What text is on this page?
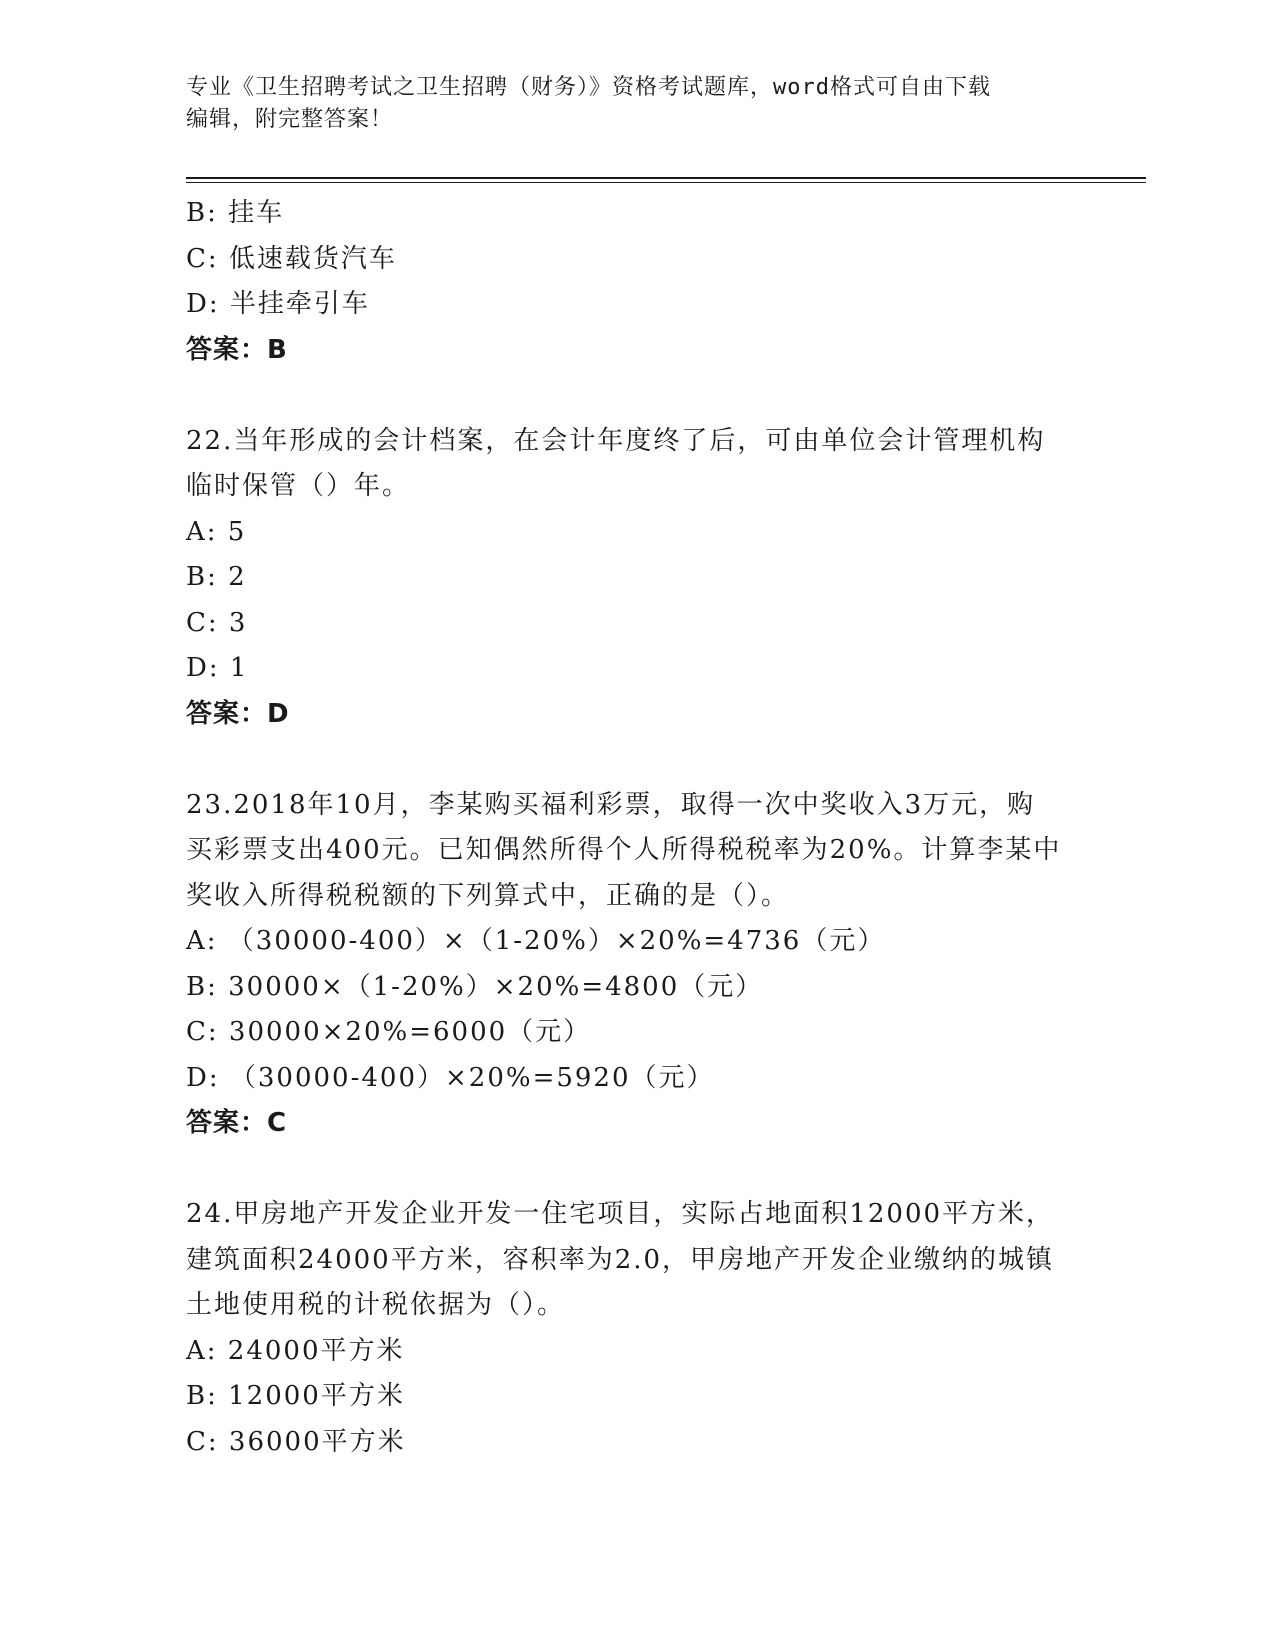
专业《卫生招聘考试之卫生招聘（财务）》资格考试题库，word格式可自由下载
编辑，附完整答案！
B: 挂车
C: 低速载货汽车
D: 半挂牵引车
答案：B
22.当年形成的会计档案，在会计年度终了后，可由单位会计管理机构
临时保管（）年。
A: 5
B: 2
C: 3
D: 1
答案：D
23.2018年10月，李某购买福利彩票，取得一次中奖收入3万元，购
买彩票支出400元。已知偶然所得个人所得税税率为20%。计算李某中
奖收入所得税税额的下列算式中，正确的是（）。
A: （30000-400）×（1-20%）×20%=4736（元）
B: 30000×（1-20%）×20%=4800（元）
C: 30000×20%=6000（元）
D: （30000-400）×20%=5920（元）
答案：C
24.甲房地产开发企业开发一住宅项目，实际占地面积12000平方米，
建筑面积24000平方米，容积率为2.0，甲房地产开发企业缴纳的城镇
土地使用税的计税依据为（）。
A: 24000平方米
B: 12000平方米
C: 36000平方米
